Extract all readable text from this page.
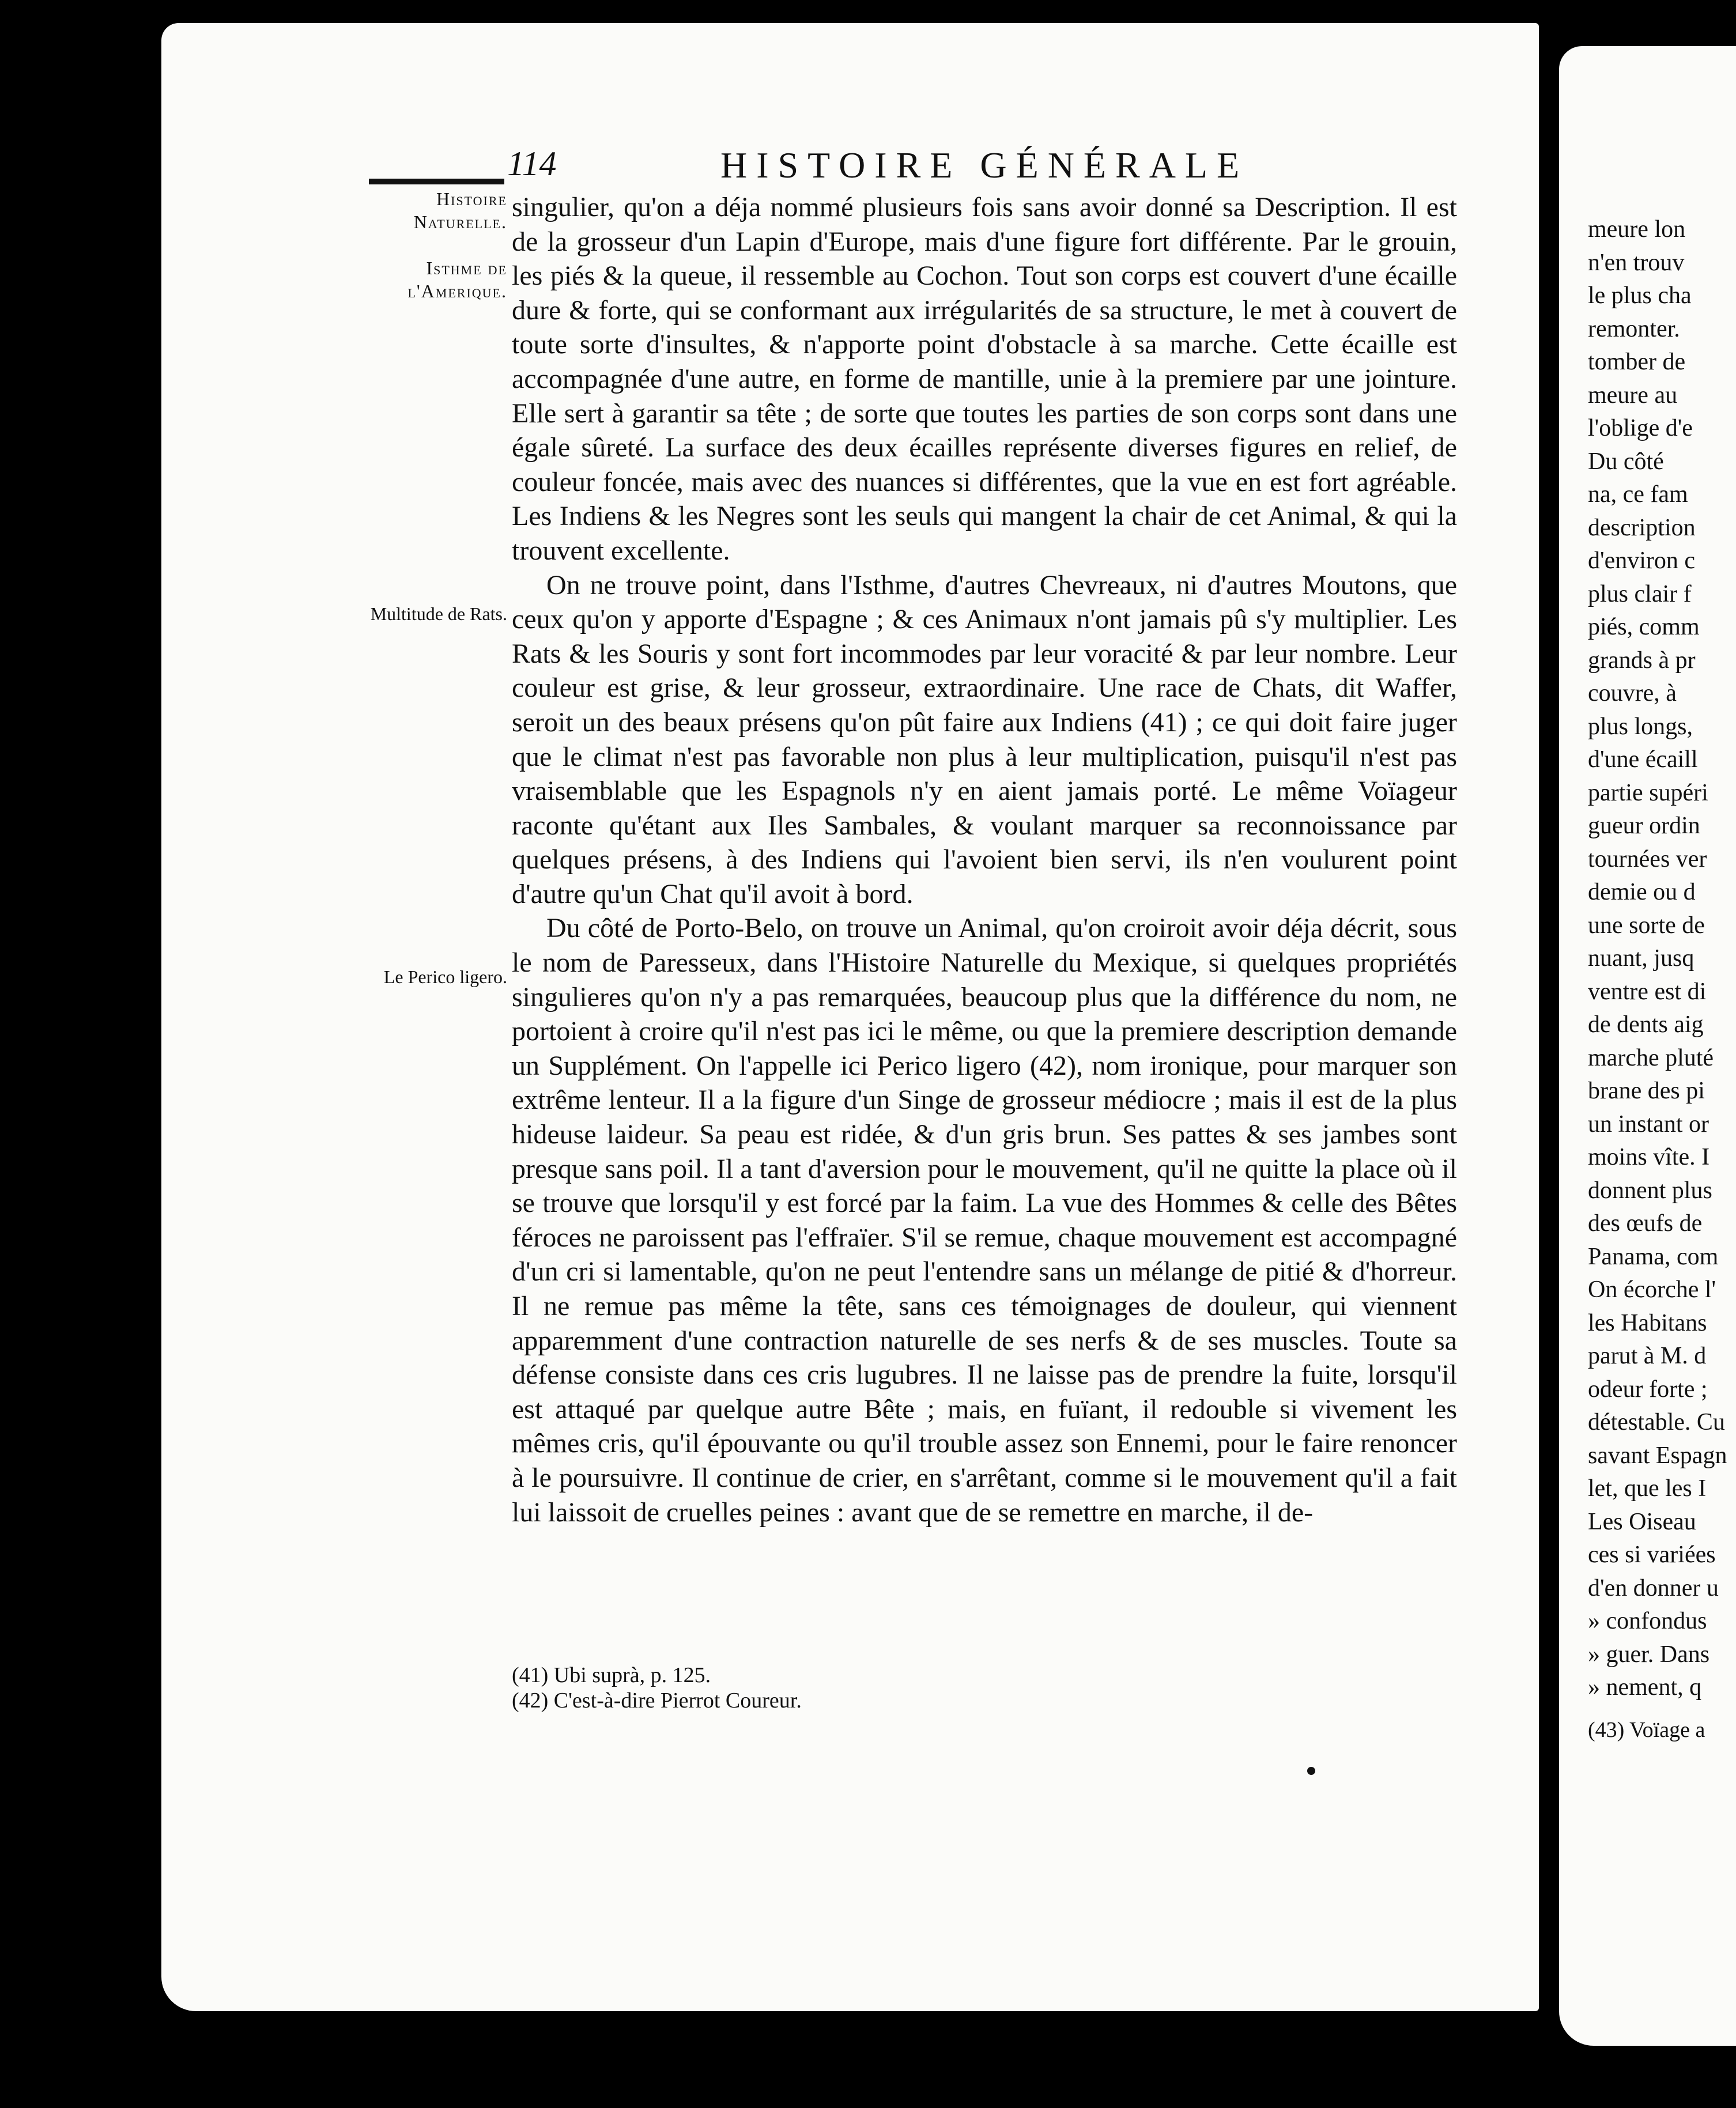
meure lon
n'en trouv
le plus cha
remonter.
tomber de
meure au
l'oblige d'e
Du côté
na, ce fam
description
d'environ c
plus clair f
piés, comm
grands à pr
couvre, à
plus longs,
d'une écaill
partie supéri
gueur ordin
tournées ver
demie ou d
une sorte de
nuant, jusq
ventre est di
de dents aig
marche pluté
brane des pi
un instant or
moins vîte. I
donnent plus
des œufs de
Panama, com
On écorche l'
les Habitans
parut à M. d
odeur forte ;
détestable. Cu
savant Espagn
let, que les I
Les Oiseau
ces si variées
d'en donner u
» confondus
» guer. Dans
» nement, q
(43) Voïage a
114	HISTOIRE GÉNÉRALE
Histoire Naturelle.
Isthme de l'Amerique.
Multitude de Rats.
Le Perico ligero.

singulier, qu'on a déja nommé plusieurs fois sans avoir donné sa Description. Il est de la grosseur d'un Lapin d'Europe, mais d'une figure fort différente. Par le grouin, les piés & la queue, il ressemble au Cochon. Tout son corps est couvert d'une écaille dure & forte, qui se conformant aux irrégularités de sa structure, le met à couvert de toute sorte d'insultes, & n'apporte point d'obstacle à sa marche. Cette écaille est accompagnée d'une autre, en forme de mantille, unie à la premiere par une jointure. Elle sert à garantir sa tête ; de sorte que toutes les parties de son corps sont dans une égale sûreté. La surface des deux écailles représente diverses figures en relief, de couleur foncée, mais avec des nuances si différentes, que la vue en est fort agréable. Les Indiens & les Negres sont les seuls qui mangent la chair de cet Animal, & qui la trouvent excellente.

On ne trouve point, dans l'Isthme, d'autres Chevreaux, ni d'autres Moutons, que ceux qu'on y apporte d'Espagne ; & ces Animaux n'ont jamais pû s'y multiplier. Les Rats & les Souris y sont fort incommodes par leur voracité & par leur nombre. Leur couleur est grise, & leur grosseur, extraordinaire. Une race de Chats, dit Waffer, seroit un des beaux présens qu'on pût faire aux Indiens (41) ; ce qui doit faire juger que le climat n'est pas favorable non plus à leur multiplication, puisqu'il n'est pas vraisemblable que les Espagnols n'y en aient jamais porté. Le même Voïageur raconte qu'étant aux Iles Sambales, & voulant marquer sa reconnoissance par quelques présens, à des Indiens qui l'avoient bien servi, ils n'en voulurent point d'autre qu'un Chat qu'il avoit à bord.

Du côté de Porto-Belo, on trouve un Animal, qu'on croiroit avoir déja décrit, sous le nom de Paresseux, dans l'Histoire Naturelle du Mexique, si quelques propriétés singulieres qu'on n'y a pas remarquées, beaucoup plus que la différence du nom, ne portoient à croire qu'il n'est pas ici le même, ou que la premiere description demande un Supplément. On l'appelle ici Perico ligero (42), nom ironique, pour marquer son extrême lenteur. Il a la figure d'un Singe de grosseur médiocre ; mais il est de la plus hideuse laideur. Sa peau est ridée, & d'un gris brun. Ses pattes & ses jambes sont presque sans poil. Il a tant d'aversion pour le mouvement, qu'il ne quitte la place où il se trouve que lorsqu'il y est forcé par la faim. La vue des Hommes & celle des Bêtes féroces ne paroissent pas l'effraïer. S'il se remue, chaque mouvement est accompagné d'un cri si lamentable, qu'on ne peut l'entendre sans un mélange de pitié & d'horreur. Il ne remue pas même la tête, sans ces témoignages de douleur, qui viennent apparemment d'une contraction naturelle de ses nerfs & de ses muscles. Toute sa défense consiste dans ces cris lugubres. Il ne laisse pas de prendre la fuite, lorsqu'il est attaqué par quelque autre Bête ; mais, en fuïant, il redouble si vivement les mêmes cris, qu'il épouvante ou qu'il trouble assez son Ennemi, pour le faire renoncer à le poursuivre. Il continue de crier, en s'arrêtant, comme si le mouvement qu'il a fait lui laissoit de cruelles peines : avant que de se remettre en marche, il de-

(41) Ubi suprà, p. 125.
(42) C'est-à-dire Pierrot Coureur.
